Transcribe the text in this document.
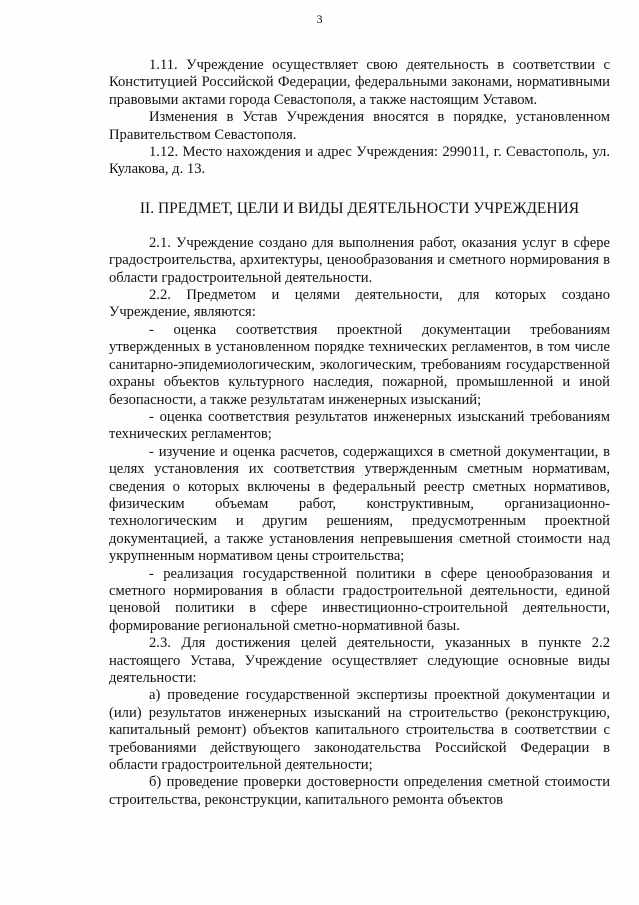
3

1.11. Учреждение осуществляет свою деятельность в соответствии с Конституцией Российской Федерации, федеральными законами, нормативными правовыми актами города Севастополя, а также настоящим Уставом.

Изменения в Устав Учреждения вносятся в порядке, установленном Правительством Севастополя.

1.12. Место нахождения и адрес Учреждения: 299011, г. Севастополь, ул. Кулакова, д. 13.

II. ПРЕДМЕТ, ЦЕЛИ И ВИДЫ ДЕЯТЕЛЬНОСТИ УЧРЕЖДЕНИЯ

2.1. Учреждение создано для выполнения работ, оказания услуг в сфере градостроительства, архитектуры, ценообразования и сметного нормирования в области градостроительной деятельности.

2.2. Предметом и целями деятельности, для которых создано Учреждение, являются:

- оценка соответствия проектной документации требованиям утвержденных в установленном порядке технических регламентов, в том числе санитарно-эпидемиологическим, экологическим, требованиям государственной охраны объектов культурного наследия, пожарной, промышленной и иной безопасности, а также результатам инженерных изысканий;

- оценка соответствия результатов инженерных изысканий требованиям технических регламентов;

- изучение и оценка расчетов, содержащихся в сметной документации, в целях установления их соответствия утвержденным сметным нормативам, сведения о которых включены в федеральный реестр сметных нормативов, физическим объемам работ, конструктивным, организационно-технологическим и другим решениям, предусмотренным проектной документацией, а также установления непревышения сметной стоимости над укрупненным нормативом цены строительства;

- реализация государственной политики в сфере ценообразования и сметного нормирования в области градостроительной деятельности, единой ценовой политики в сфере инвестиционно-строительной деятельности, формирование региональной сметно-нормативной базы.

2.3. Для достижения целей деятельности, указанных в пункте 2.2 настоящего Устава, Учреждение осуществляет следующие основные виды деятельности:

а) проведение государственной экспертизы проектной документации и (или) результатов инженерных изысканий на строительство (реконструкцию, капитальный ремонт) объектов капитального строительства в соответствии с требованиями действующего законодательства Российской Федерации в области градостроительной деятельности;

б) проведение проверки достоверности определения сметной стоимости строительства, реконструкции, капитального ремонта объектов
